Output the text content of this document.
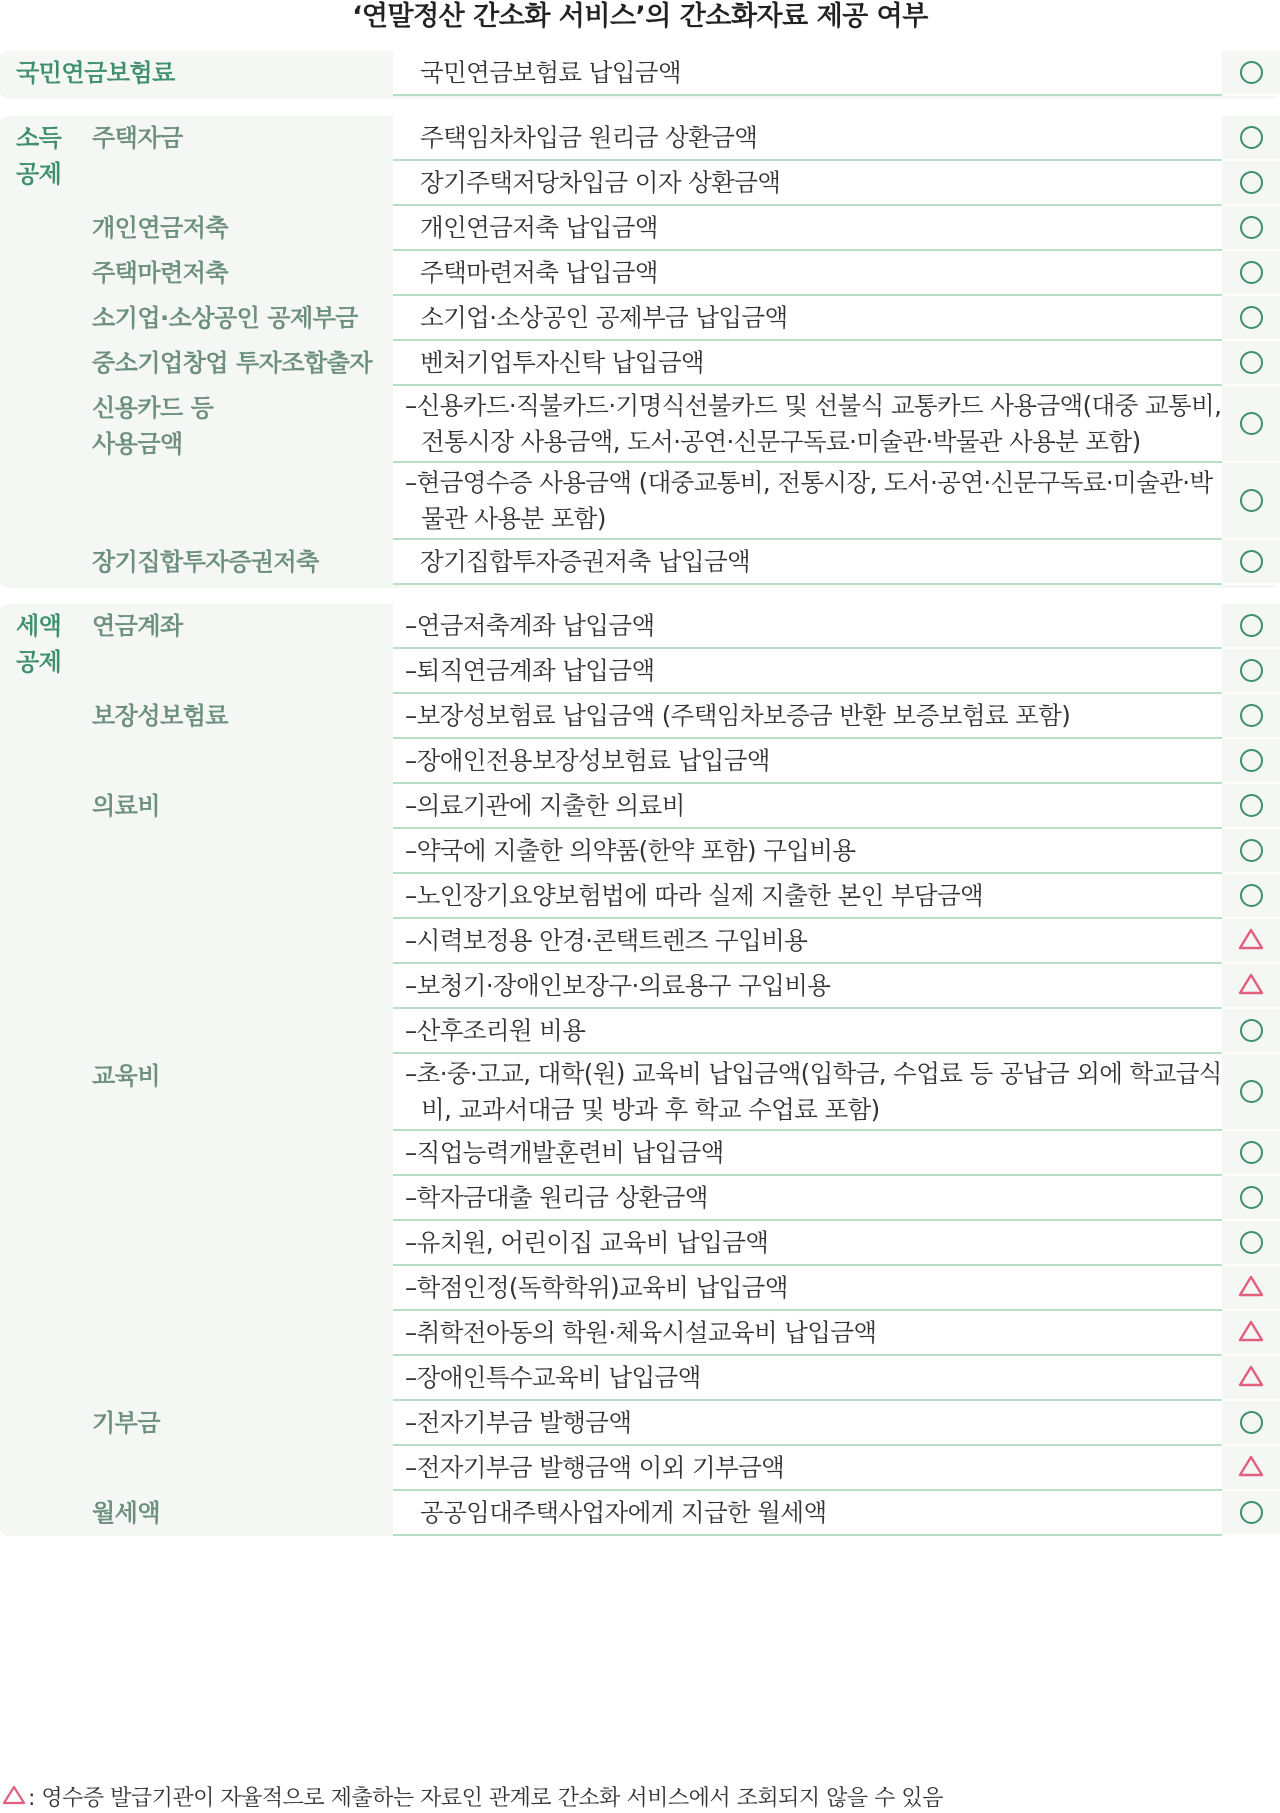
‘연말정산 간소화 서비스’의 간소화자료 제공 여부
국민연금보험료	국민연금보험료 납입금액
소득
공제
주택자금
개인연금저축
주택마련저축
소기업·소상공인 공제부금
중소기업창업 투자조합출자
신용카드 등
사용금액
장기집합투자증권저축
주택임차차입금 원리금 상환금액
장기주택저당차입금 이자 상환금액
개인연금저축 납입금액
주택마련저축 납입금액
소기업·소상공인 공제부금 납입금액
벤처기업투자신탁 납입금액
–신용카드·직불카드·기명식선불카드 및 선불식 교통카드 사용금액(대중 교통비, 전통시장 사용금액, 도서·공연·신문구독료·미술관·박물관 사용분 포함)
–현금영수증 사용금액 (대중교통비, 전통시장, 도서·공연·신문구독료·미술관·박물관 사용분 포함)
장기집합투자증권저축 납입금액
세액
공제
연금계좌
보장성보험료
의료비
교육비
기부금
월세액
–연금저축계좌 납입금액
–퇴직연금계좌 납입금액
–보장성보험료 납입금액 (주택임차보증금 반환 보증보험료 포함)
–장애인전용보장성보험료 납입금액
–의료기관에 지출한 의료비
–약국에 지출한 의약품(한약 포함) 구입비용
–노인장기요양보험법에 따라 실제 지출한 본인 부담금액
–시력보정용 안경·콘택트렌즈 구입비용
–보청기·장애인보장구·의료용구 구입비용
–산후조리원 비용
–초·중·고교, 대학(원) 교육비 납입금액(입학금, 수업료 등 공납금 외에 학교급식비, 교과서대금 및 방과 후 학교 수업료 포함)
–직업능력개발훈련비 납입금액
–학자금대출 원리금 상환금액
–유치원, 어린이집 교육비 납입금액
–학점인정(독학학위)교육비 납입금액
–취학전아동의 학원·체육시설교육비 납입금액
–장애인특수교육비 납입금액
–전자기부금 발행금액
–전자기부금 발행금액 이외 기부금액
공공임대주택사업자에게 지급한 월세액
: 영수증 발급기관이 자율적으로 제출하는 자료인 관계로 간소화 서비스에서 조회되지 않을 수 있음
